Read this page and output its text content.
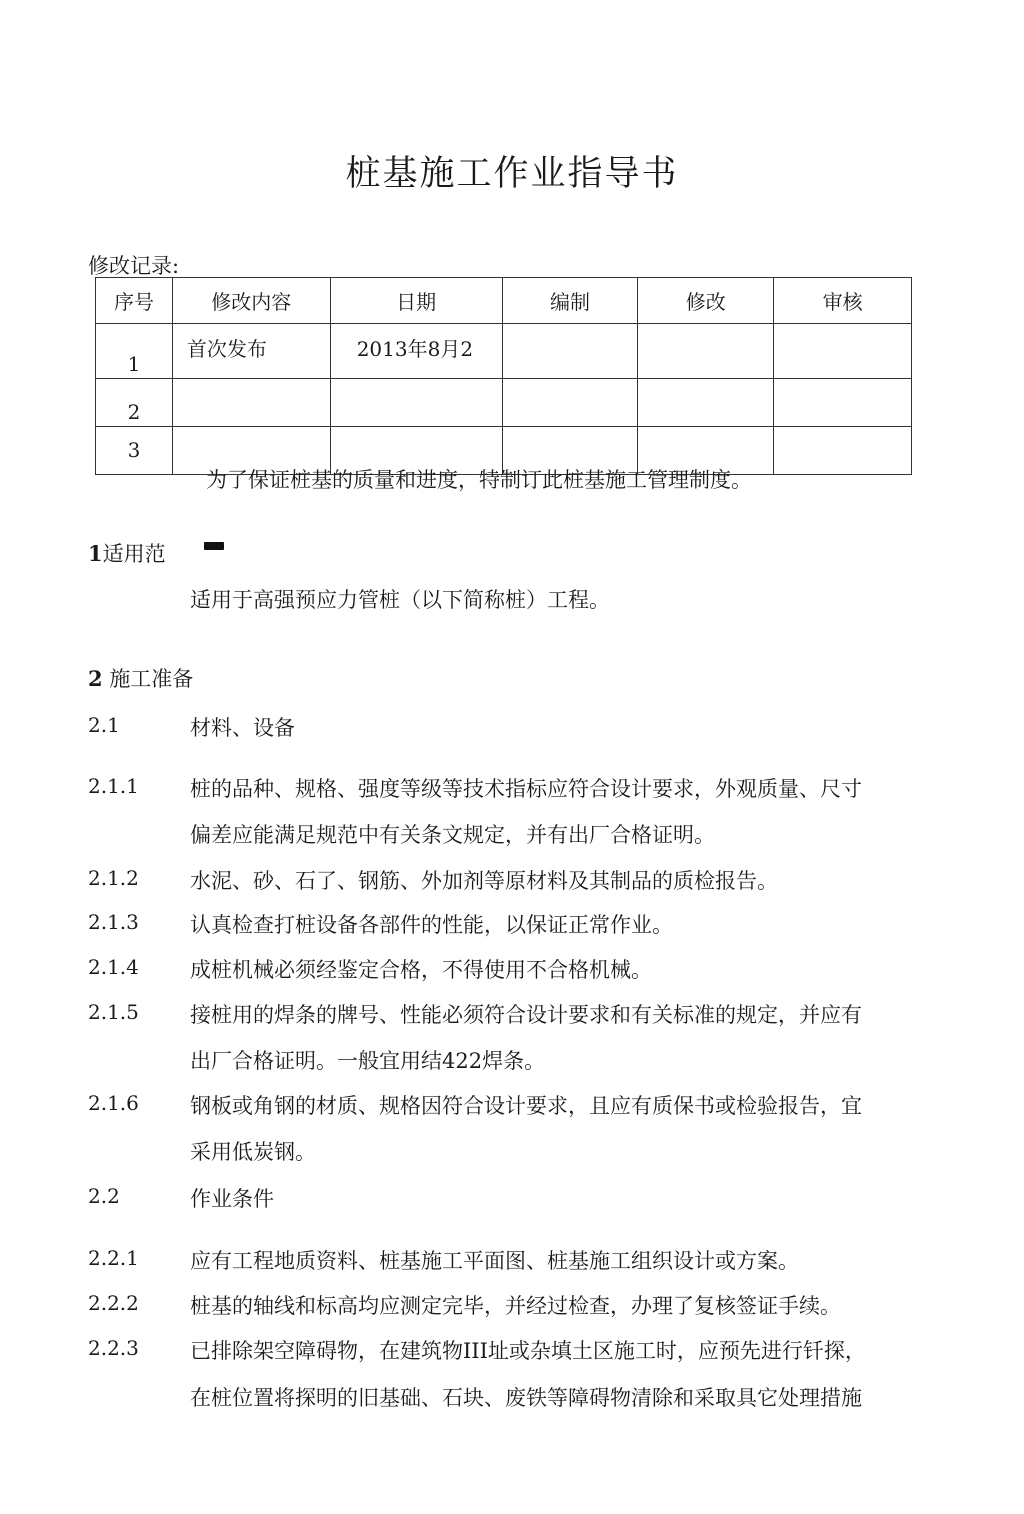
桩基施工作业指导书
修改记录:
序号	修改内容	日期	编制	修改	审核
1	首次发布	2013年8月2			
2					
3					
为了保证桩基的质量和进度，特制订此桩基施工管理制度。
1适用范
适用于高强预应力管桩（以下简称桩）工程。
2 施工准备
2.1	材料、设备
2.1.1 桩的品种、规格、强度等级等技术指标应符合设计要求，外观质量、尺寸
偏差应能满足规范中有关条文规定，并有出厂合格证明。
2.1.2 水泥、砂、石了、钢筋、外加剂等原材料及其制品的质检报告。
2.1.3 认真检查打桩设备各部件的性能，以保证正常作业。
2.1.4 成桩机械必须经鉴定合格，不得使用不合格机械。
2.1.5 接桩用的焊条的牌号、性能必须符合设计要求和有关标准的规定，并应有
出厂合格证明。一般宜用结422焊条。
2.1.6 钢板或角钢的材质、规格因符合设计要求，且应有质保书或检验报告，宜
采用低炭钢。
2.2	作业条件
2.2.1 应有工程地质资料、桩基施工平面图、桩基施工组织设计或方案。
2.2.2 桩基的轴线和标高均应测定完毕，并经过检查，办理了复核签证手续。
2.2.3 已排除架空障碍物，在建筑物III址或杂填土区施工时，应预先进行钎探，
在桩位置将探明的旧基础、石块、废铁等障碍物清除和采取具它处理措施
